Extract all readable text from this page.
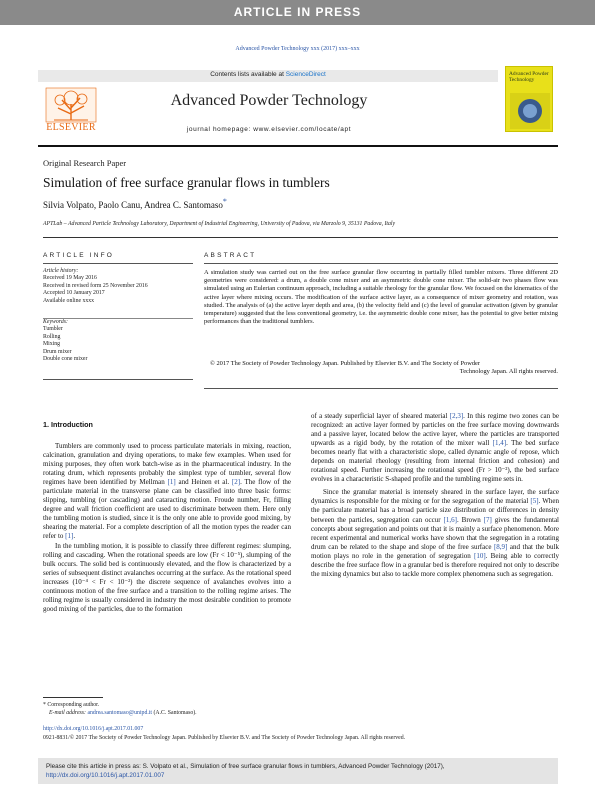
ARTICLE IN PRESS
Advanced Powder Technology xxx (2017) xxx–xxx
Contents lists available at ScienceDirect
ELSEVIER
Advanced Powder Technology
journal homepage: www.elsevier.com/locate/apt
Advanced Powder Technology
Original Research Paper
Simulation of free surface granular flows in tumblers
Silvia Volpato, Paolo Canu, Andrea C. Santomaso*
APTLab – Advanced Particle Technology Laboratory, Department of Industrial Engineering, University of Padova, via Marzolo 9, 35131 Padova, Italy
ARTICLE INFO	ABSTRACT
Article history:
Received 19 May 2016
Received in revised form 25 November 2016
Accepted 10 January 2017
Available online xxxx
Keywords:
Tumbler
Rolling
Mixing
Drum mixer
Double cone mixer
A simulation study was carried out on the free surface granular flow occurring in partially filled tumbler mixers. Three different 2D geometries were considered: a drum, a double cone mixer and an asymmetric double cone mixer. The solid-air two phases flow was simulated using an Eulerian continuum approach, including a suitable rheology for the granular flow. We focused on the kinematics of the active layer where mixing occurs. The modification of the surface active layer, as a consequence of mixer geometry and rotation, was studied. The analysis of (a) the active layer depth and area, (b) the velocity field and (c) the level of granular activation (given by granular temperature) suggested that the less conventional geometry, i.e. the asymmetric double cone mixer, has the potential to give better mixing performances than the traditional tumblers.
© 2017 The Society of Powder Technology Japan. Published by Elsevier B.V. and The Society of Powder
Technology Japan. All rights reserved.
1. Introduction

Tumblers are commonly used to process particulate materials in mixing, reaction, calcination, granulation and drying operations, to make few examples. When used for mixing purposes, they often work batch-wise as in the pharmaceutical industry. In the rotating drum, which represents probably the simplest type of tumbler, several flow regimes have been identified by Mellman [1] and Heinen et al. [2]. The flow of the particulate material in the transverse plane can be classified into three basic forms: slipping, tumbling (or cascading) and cataracting motion. Froude number, Fr, filling degree and wall friction coefficient are used to discriminate between them. Here only the tumbling motion is studied, since it is the only one able to provide good mixing, by shearing the material. For a complete description of all the motion types the reader can refer to [1].

In the tumbling motion, it is possible to classify three different regimes: slumping, rolling and cascading. When the rotational speeds are low (Fr < 10⁻⁵), slumping of the bulk occurs. The solid bed is continuously elevated, and the flow is characterized by a series of subsequent distinct avalanches occurring at the surface. As the rotational speed increases (10⁻⁴ < Fr < 10⁻²) the discrete sequence of avalanches evolves into a continuous motion of the free surface and a transition to the rolling regime arises. The rolling regime is usually considered in industry the most desirable condition to promote good mixing of the particles, due to the formation

of a steady superficial layer of sheared material [2,3]. In this regime two zones can be recognized: an active layer formed by particles on the free surface moving downwards and a passive layer, located below the active layer, where the particles are transported upwards as a rigid body, by the rotation of the mixer wall [1,4]. The bed surface becomes nearly flat with a characteristic slope, called dynamic angle of repose, which depends on material rheology (resulting from internal friction and cohesion) and rotational speed. Further increasing the rotational speed (Fr > 10⁻²), the bed surface evolves in a characteristic S-shaped profile and the tumbling regime sets in.

Since the granular material is intensely sheared in the surface layer, the surface dynamics is responsible for the mixing or for the segregation of the material [5]. When the particulate material has a broad particle size distribution or differences in density between the particles, segregation can occur [1,6]. Brown [7] gives the fundamental concepts about segregation and points out that it is mainly a surface phenomenon. More recent experimental and numerical works have shown that the segregation in a rotating drum can be related to the shape and slope of the free surface [8,9] and that the bulk motion plays no role in the generation of segregation [10]. Being able to correctly describe the free surface flow in a granular bed is therefore required not only to describe the mixing dynamics but also to tackle more complex phenomena such as segregation.

* Corresponding author.
E-mail address: andrea.santomaso@unipd.it (A.C. Santomaso).
http://dx.doi.org/10.1016/j.apt.2017.01.007
0921-8831/© 2017 The Society of Powder Technology Japan. Published by Elsevier B.V. and The Society of Powder Technology Japan. All rights reserved.
Please cite this article in press as: S. Volpato et al., Simulation of free surface granular flows in tumblers, Advanced Powder Technology (2017), http://dx.doi.org/10.1016/j.apt.2017.01.007
